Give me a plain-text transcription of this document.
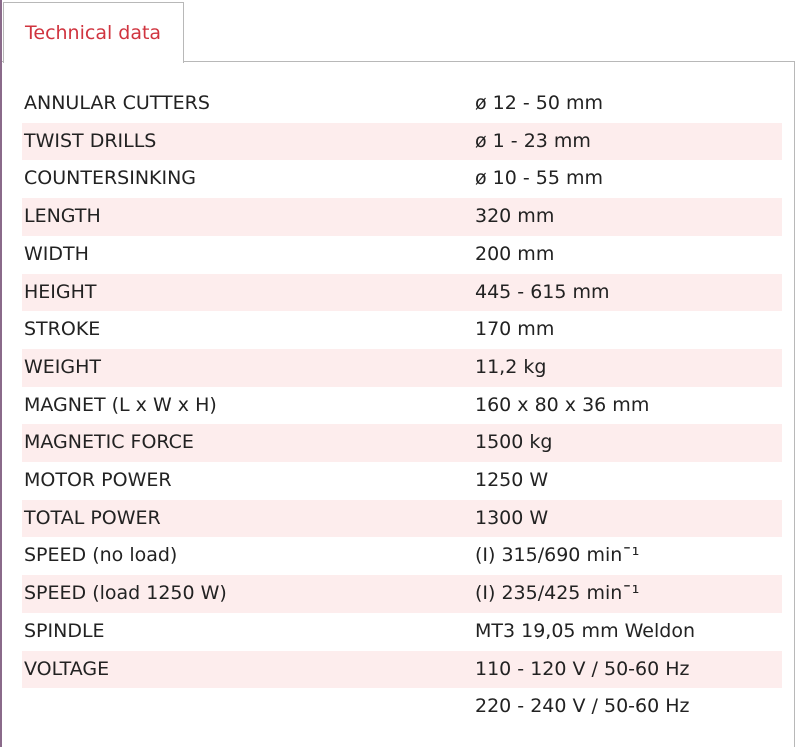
Technical data
ANNULAR CUTTERS	ø 12 - 50 mm
TWIST DRILLS	ø 1 - 23 mm
COUNTERSINKING	ø 10 - 55 mm
LENGTH	320 mm
WIDTH	200 mm
HEIGHT	445 - 615 mm
STROKE	170 mm
WEIGHT	11,2 kg
MAGNET (L x W x H)	160 x 80 x 36 mm
MAGNETIC FORCE	1500 kg
MOTOR POWER	1250 W
TOTAL POWER	1300 W
SPEED (no load)	(I) 315/690 min¯¹
SPEED (load 1250 W)	(I) 235/425 min¯¹
SPINDLE	MT3 19,05 mm Weldon
VOLTAGE	110 - 120 V / 50-60 Hz
	220 - 240 V / 50-60 Hz
